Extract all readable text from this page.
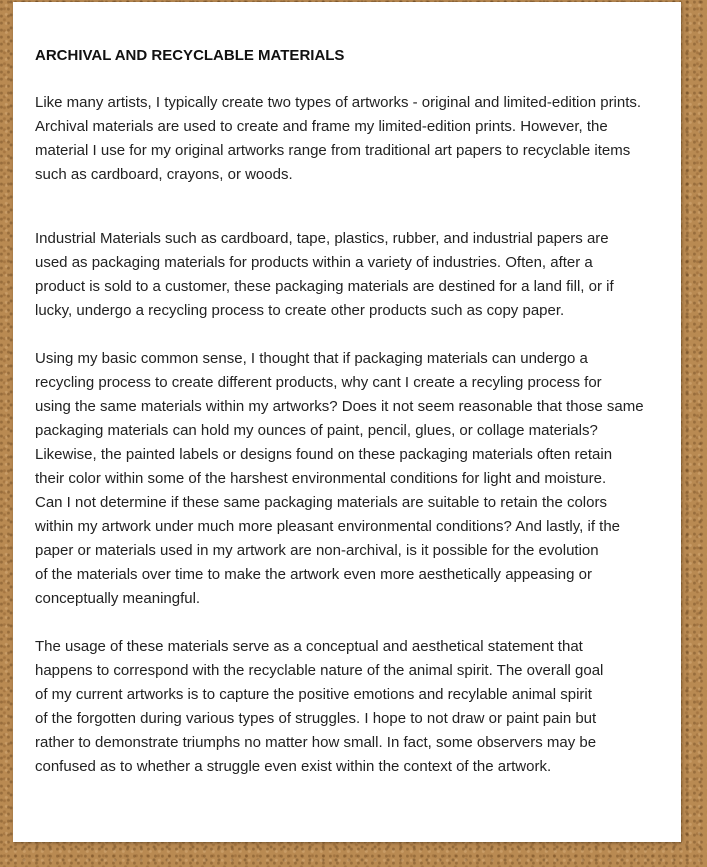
ARCHIVAL AND RECYCLABLE MATERIALS

Like many artists, I typically create two types of artworks - original and limited-edition prints.
Archival materials are used to create and frame my limited-edition prints. However, the
material I use for my original artworks range from traditional art papers to recyclable items
such as cardboard, crayons, or woods.

Industrial Materials such as cardboard, tape, plastics, rubber, and industrial papers are
used as packaging materials for products within a variety of industries. Often, after a
product is sold to a customer, these packaging materials are destined for a land fill, or if
lucky, undergo a recycling process to create other products such as copy paper.

Using my basic common sense, I thought that if packaging materials can undergo a
recycling process to create different products, why cant I create a recyling process for
using the same materials within my artworks? Does it not seem reasonable that those same
packaging materials can hold my ounces of paint, pencil, glues, or collage materials?
Likewise, the painted labels or designs found on these packaging materials often retain
their color within some of the harshest environmental conditions for light and moisture.
Can I not determine if these same packaging materials are suitable to retain the colors
within my artwork under much more pleasant environmental conditions? And lastly, if the
paper or materials used in my artwork are non-archival, is it possible for the evolution
of the materials over time to make the artwork even more aesthetically appeasing or
conceptually meaningful.

The usage of these materials serve as a conceptual and aesthetical statement that
happens to correspond with the recyclable nature of the animal spirit. The overall goal
of my current artworks is to capture the positive emotions and recylable animal spirit
of the forgotten during various types of struggles. I hope to not draw or paint pain but
rather to demonstrate triumphs no matter how small. In fact, some observers may be
confused as to whether a struggle even exist within the context of the artwork.
